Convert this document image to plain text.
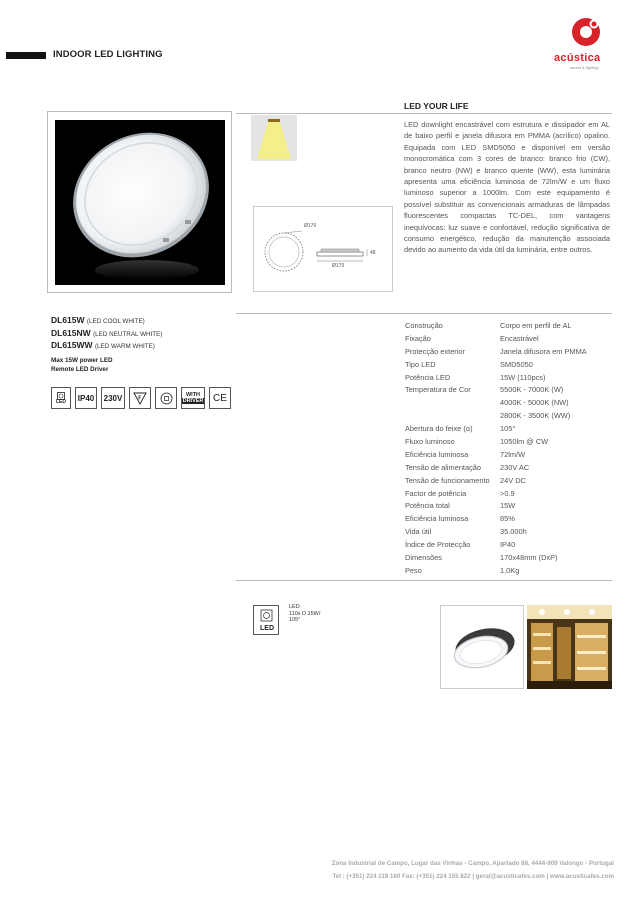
INDOOR LED LIGHTING	acústica
sound & lighting
Ø170
Ø170
48
LED YOUR LIFE
LED downlight encastrável com estrutura e dissipador em AL de baixo perfil e janela difusora em PMMA (acrílico) opalino. Equipada com LED SMD5050 e disponível em versão monocromática com 3 cores de branco: branco frio (CW), branco neutro (NW) e branco quente (WW), esta luminária apresenta uma eficiência luminosa de 72lm/W e um fluxo luminoso superior a 1000lm. Com este equipamento é possível substituir as convencionais armaduras de lâmpadas fluorescentes compactas TC-DEL, com vantagens inequívocas: luz suave e confortável, redução significativa de consumo energético, redução da manutenção associada devido ao aumento da vida útil da luminária, entre outros.
DL615W (LED COOL WHITE)
DL615NW (LED NEUTRAL WHITE)
DL615WW (LED WARM WHITE)
Max 15W power LED
Remote LED Driver
LED	IP40	230V	F	WITH
DRIVER CE
Construção	Corpo em perfil de AL
Fixação	Encastrável
Protecção exterior	Janela difusora em PMMA
Tipo LED	SMD5050
Potência LED	15W (110pcs)
Temperatura de Cor	5500K - 7000K (W)
4000K - 5000K (NW)
2800K - 3500K (WW)
Abertura do feixe (α)	105°
Fluxo luminoso	1050lm @ CW
Eficiência luminosa	72lm/W
Tensão de alimentação	230V AC
Tensão de funcionamento 24V DC
Factor de potência	>0.9
Potência total	15W
Eficiência luminosa	85%
Vida útil	35.000h
Índice de Protecção	IP40
Dimensões	170x48mm (DxP)
Peso	1,0Kg
LED
LED
110x D 15W/
105°
Zona Industrial de Campo, Lugar das Vinhas - Campo, Apartado 88, 4444-909 Valongo - Portugal
Tel : (+351) 224 119 160 Fax: (+351) 224 155 822 | geral@acusticafes.com | www.acusticafes.com
